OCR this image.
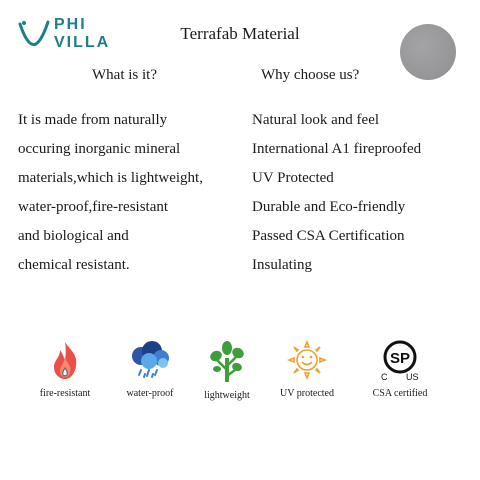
PHI
VILLA	Terrafab Material
What is it?	Why choose us?
It is made from naturally
occuring inorganic mineral
materials,which is lightweight,
water-proof,fire-resistant
and biological and
chemical resistant.
Natural look and feel
International A1 fireproofed
UV Protected
Durable and Eco-friendly
Passed CSA Certification
Insulating
fire-resistant	water-proof	lightweight	UV protected
SP
C US
CSA certified
